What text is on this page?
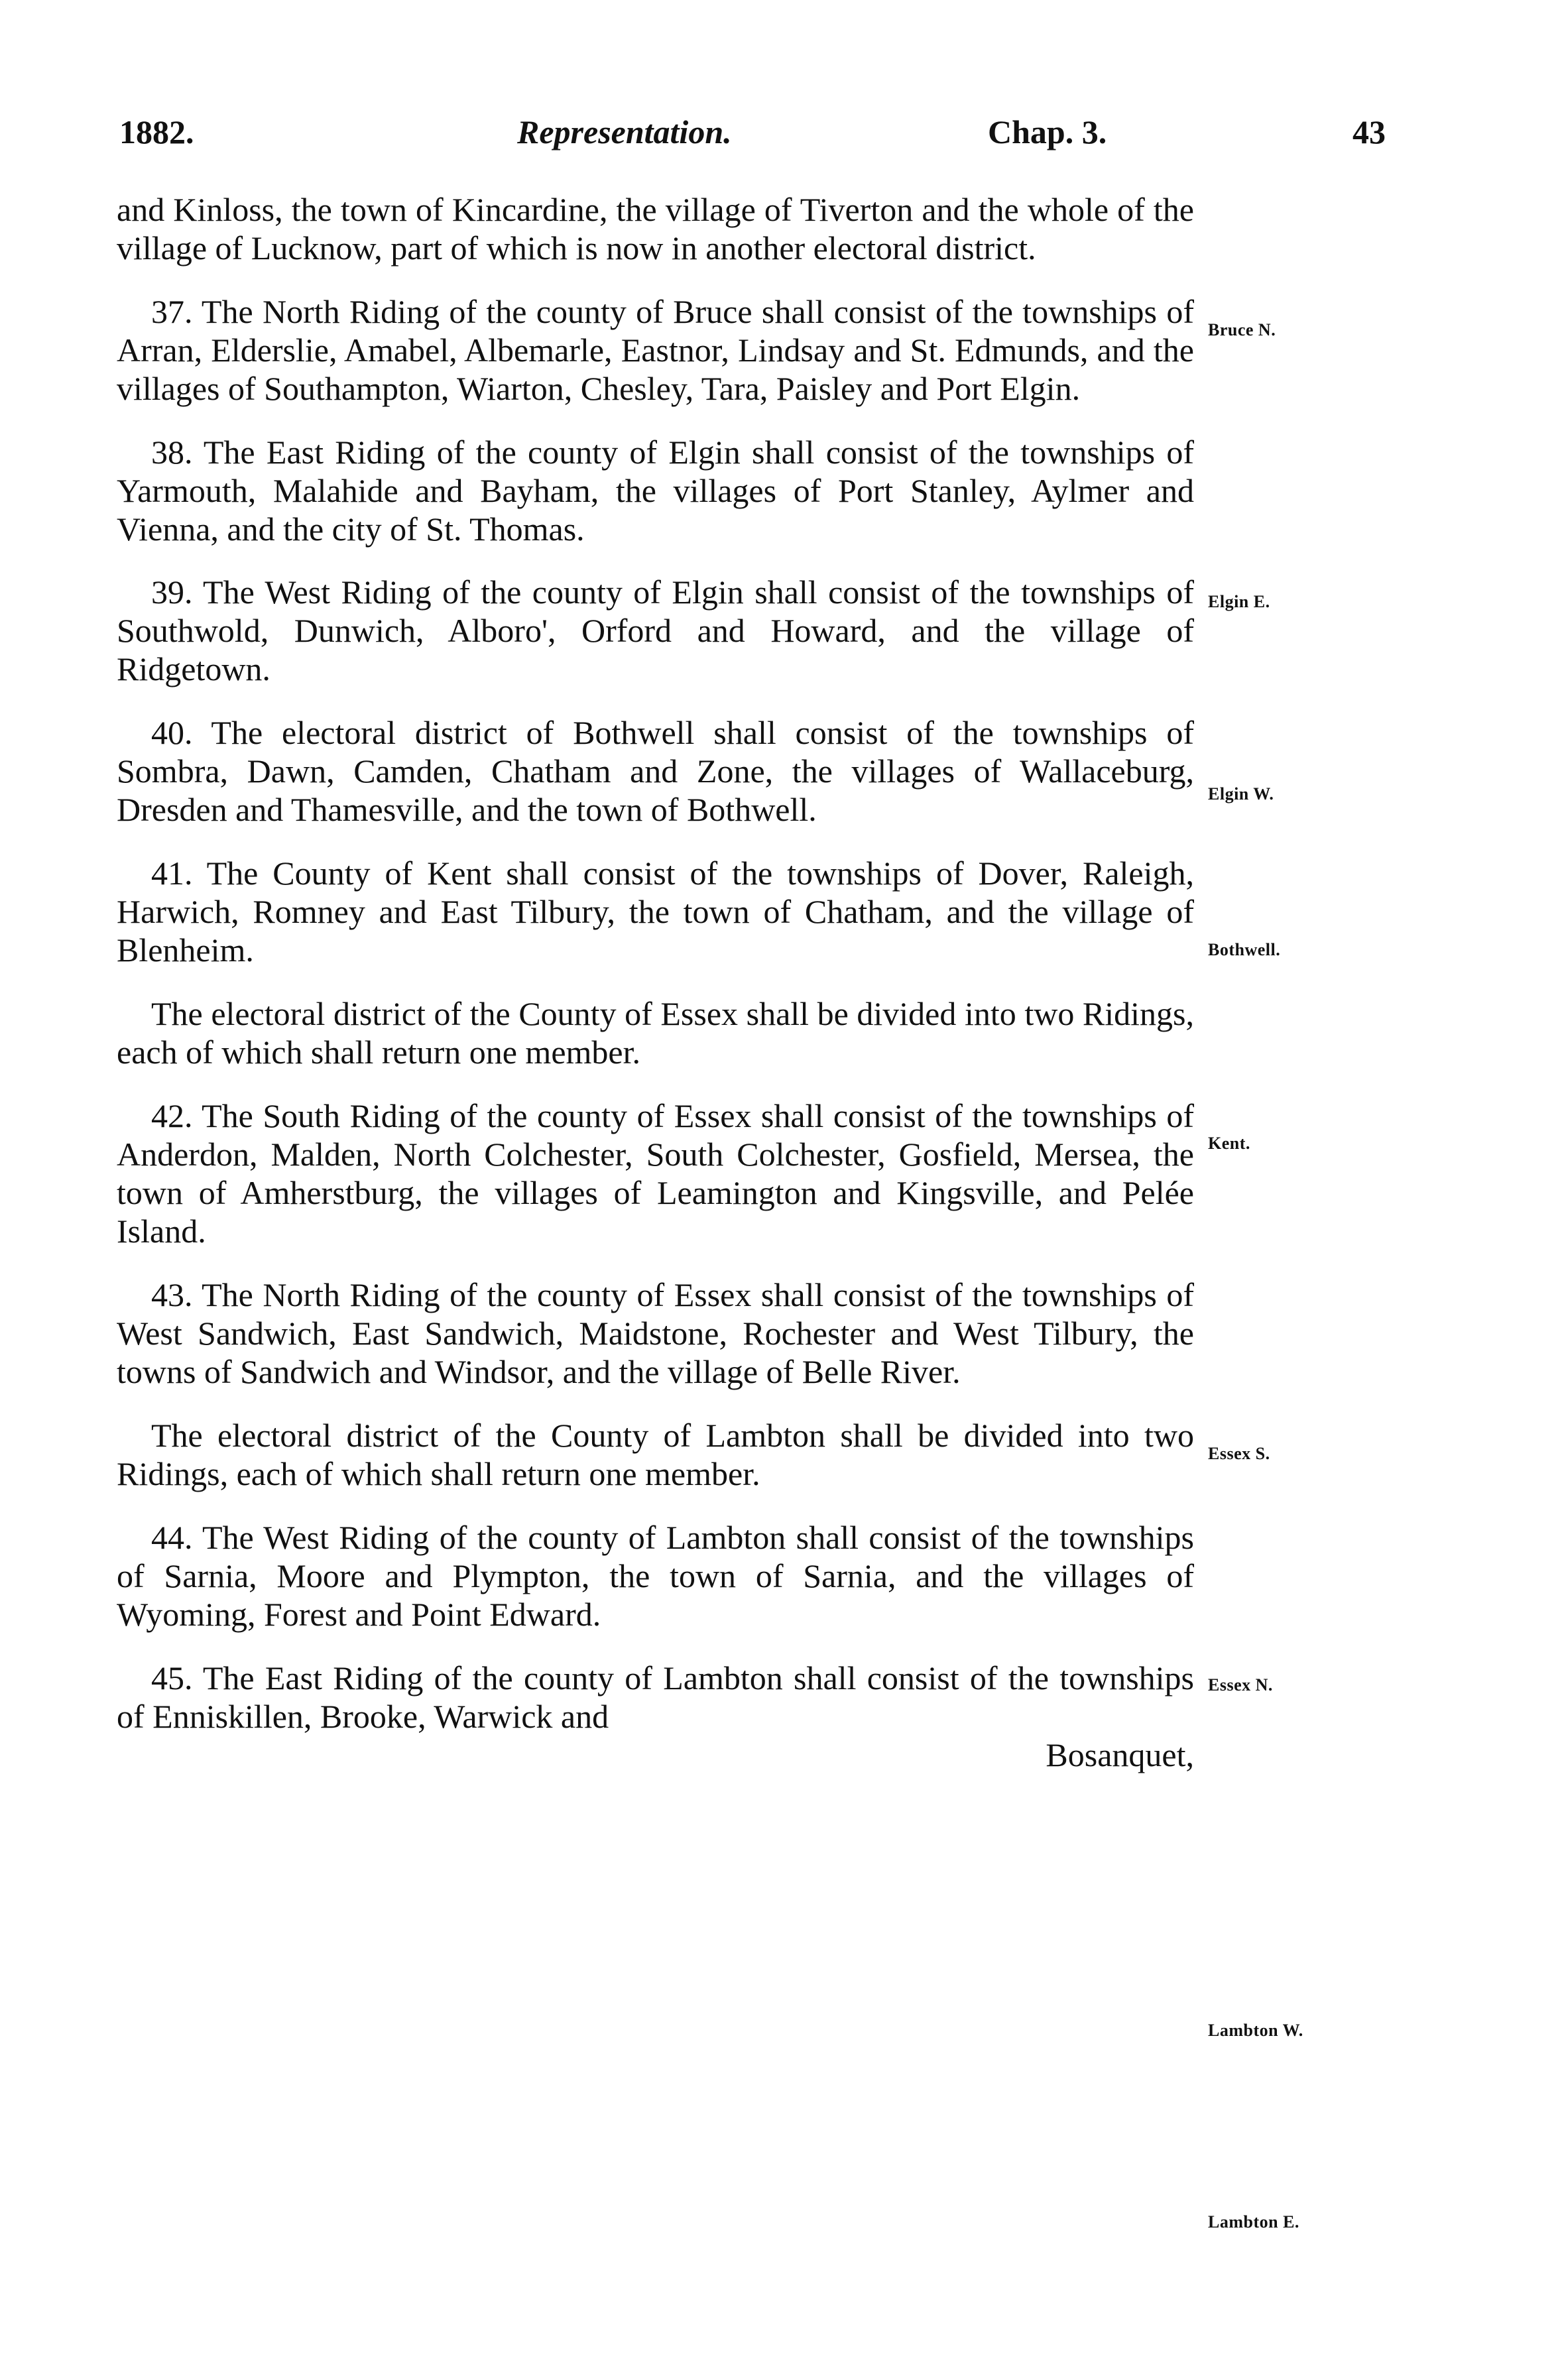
1882.	Representation.	Chap. 3.	43

and Kinloss, the town of Kincardine, the village of Tiverton and the whole of the village of Lucknow, part of which is now in another electoral district.

37. The North Riding of the county of Bruce shall consist of the townships of Arran, Elderslie, Amabel, Albemarle, Eastnor, Lindsay and St. Edmunds, and the villages of Southampton, Wiarton, Chesley, Tara, Paisley and Port Elgin.

38. The East Riding of the county of Elgin shall consist of the townships of Yarmouth, Malahide and Bayham, the villages of Port Stanley, Aylmer and Vienna, and the city of St. Thomas.

39. The West Riding of the county of Elgin shall consist of the townships of Southwold, Dunwich, Alboro', Orford and Howard, and the village of Ridgetown.

40. The electoral district of Bothwell shall consist of the townships of Sombra, Dawn, Camden, Chatham and Zone, the villages of Wallaceburg, Dresden and Thamesville, and the town of Bothwell.

41. The County of Kent shall consist of the townships of Dover, Raleigh, Harwich, Romney and East Tilbury, the town of Chatham, and the village of Blenheim.

The electoral district of the County of Essex shall be divided into two Ridings, each of which shall return one member.

42. The South Riding of the county of Essex shall consist of the townships of Anderdon, Malden, North Colchester, South Colchester, Gosfield, Mersea, the town of Amherstburg, the villages of Leamington and Kingsville, and Pelée Island.

43. The North Riding of the county of Essex shall consist of the townships of West Sandwich, East Sandwich, Maidstone, Rochester and West Tilbury, the towns of Sandwich and Windsor, and the village of Belle River.

The electoral district of the County of Lambton shall be divided into two Ridings, each of which shall return one member.

44. The West Riding of the county of Lambton shall consist of the townships of Sarnia, Moore and Plympton, the town of Sarnia, and the villages of Wyoming, Forest and Point Edward.

45. The East Riding of the county of Lambton shall consist of the townships of Enniskillen, Brooke, Warwick and
Bosanquet,

Bruce N.
Elgin E.
Elgin W.
Bothwell.
Kent.
Essex S.
Essex N.
Lambton W.
Lambton E.
